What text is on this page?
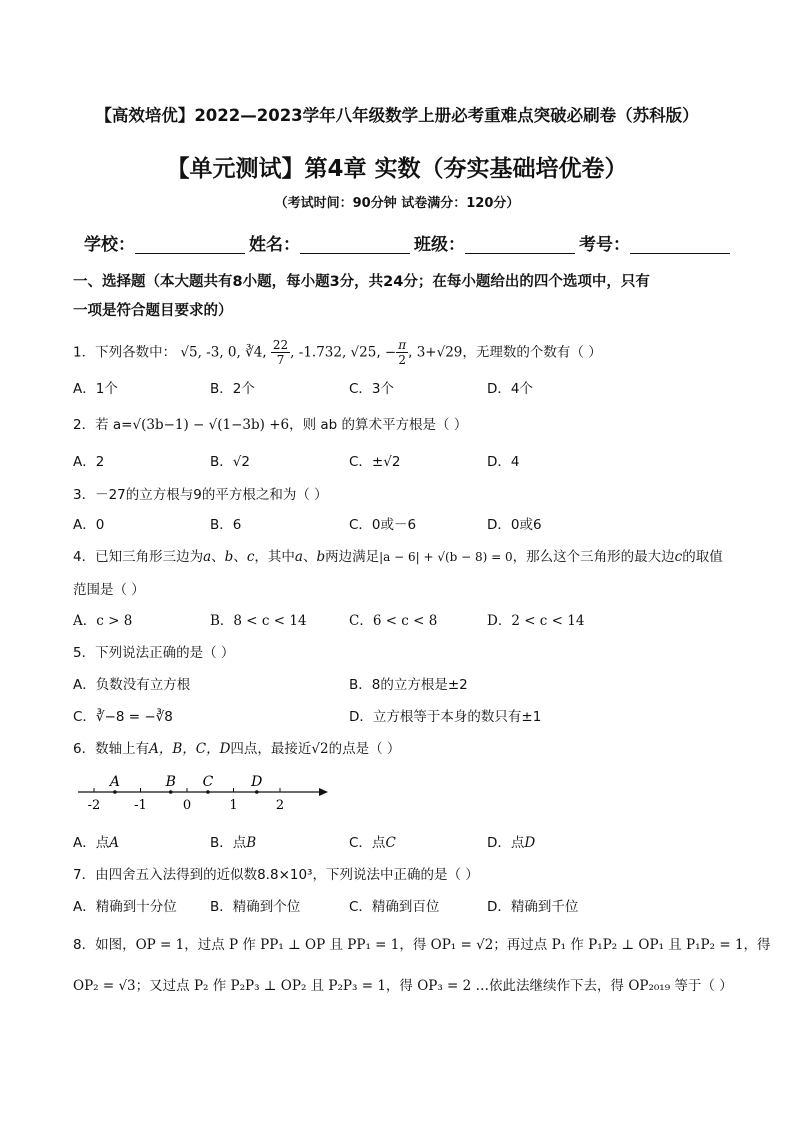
【高效培优】2022—2023学年八年级数学上册必考重难点突破必刷卷（苏科版）
【单元测试】第4章 实数（夯实基础培优卷）
（考试时间：90分钟 试卷满分：120分）
学校：	姓名：	班级：	考号：
一、选择题（本大题共有8小题，每小题3分，共24分；在每小题给出的四个选项中，只有
一项是符合题目要求的）
1．下列各数中： √5, -3, 0, ∛4, $\frac{22}{7}$ , -1.732, √25, − $\frac{\pi}{2}$ , 3+√29，无理数的个数有（ ）
A．1个	B．2个	C．3个	D．4个
2．若 a=√(3b−1) − √(1−3b) +6，则 ab 的算术平方根是（ ）
A．2	B．√2	C．±√2	D．4
3．－27的立方根与9的平方根之和为（ ）
A．0	B．6	C．0或－6	D．0或6
4．已知三角形三边为a、b、c，其中a、b两边满足|a − 6| + √(b − 8) = 0，那么这个三角形的最大边c的取值
范围是（ ）
A．c > 8	B．8 < c < 14	C．6 < c < 8	D．2 < c < 14
5．下列说法正确的是（ ）
A．负数没有立方根	B．8的立方根是±2
C．∛−8 = −∛8	D．立方根等于本身的数只有±1
6．数轴上有A，B，C，D四点，最接近√2的点是（ ）
-2	-1	0	1	2
A	B C	D
A．点A	B．点B	C．点C	D．点D
7．由四舍五入法得到的近似数8.8×10³，下列说法中正确的是（ ）
A．精确到十分位 B．精确到个位	C．精确到百位	D．精确到千位
8．如图，OP = 1，过点 P 作 PP₁ ⊥ OP 且 PP₁ = 1，得 OP₁ = √2；再过点 P₁ 作 P₁P₂ ⊥ OP₁ 且 P₁P₂ = 1，得
OP₂ = √3；又过点 P₂ 作 P₂P₃ ⊥ OP₂ 且 P₂P₃ = 1，得 OP₃ = 2 …依此法继续作下去，得 OP₂₀₁₉ 等于（ ）
